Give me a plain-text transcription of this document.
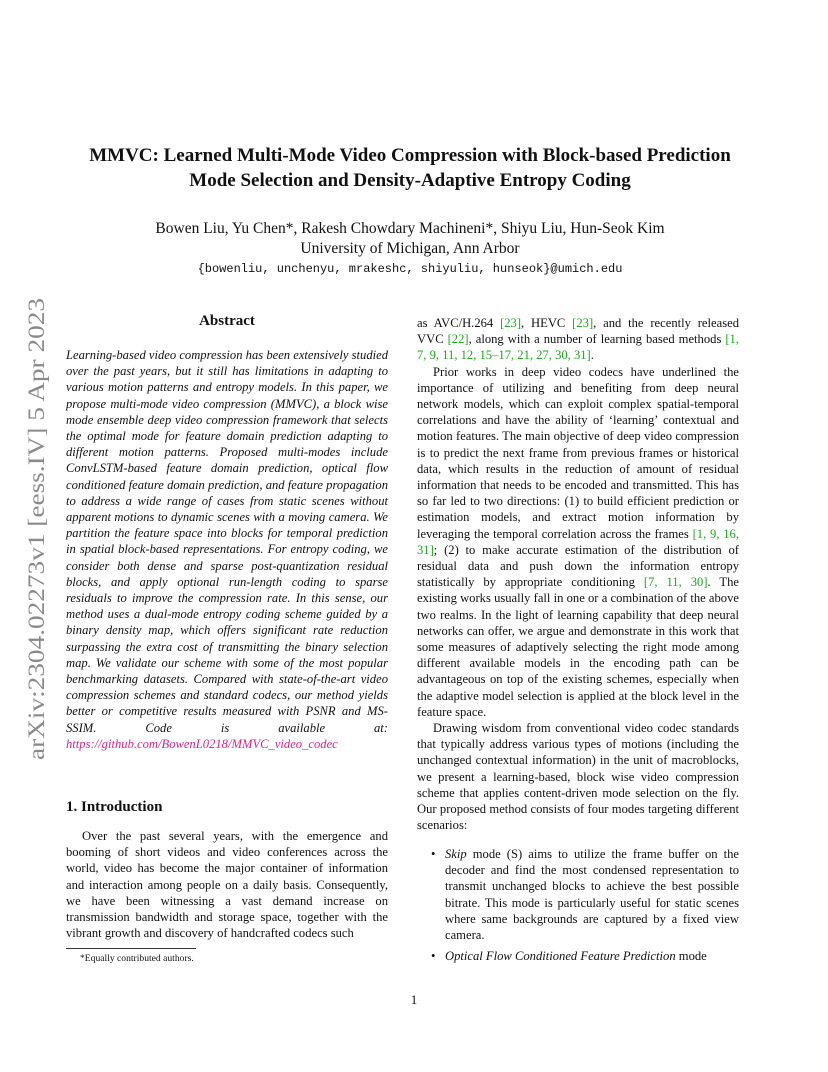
arXiv:2304.02273v1 [eess.IV] 5 Apr 2023
MMVC: Learned Multi-Mode Video Compression with Block-based Prediction
Mode Selection and Density-Adaptive Entropy Coding
Bowen Liu, Yu Chen*, Rakesh Chowdary Machineni*, Shiyu Liu, Hun-Seok Kim
University of Michigan, Ann Arbor
{bowenliu, unchenyu, mrakeshc, shiyuliu, hunseok}@umich.edu
Abstract
Learning-based video compression has been extensively studied over the past years, but it still has limitations in adapting to various motion patterns and entropy models. In this paper, we propose multi-mode video compression (MMVC), a block wise mode ensemble deep video compression framework that selects the optimal mode for feature domain prediction adapting to different motion patterns. Proposed multi-modes include ConvLSTM-based feature domain prediction, optical flow conditioned feature domain prediction, and feature propagation to address a wide range of cases from static scenes without apparent motions to dynamic scenes with a moving camera. We partition the feature space into blocks for temporal prediction in spatial block-based representations. For entropy coding, we consider both dense and sparse post-quantization residual blocks, and apply optional run-length coding to sparse residuals to improve the compression rate. In this sense, our method uses a dual-mode entropy coding scheme guided by a binary density map, which offers significant rate reduction surpassing the extra cost of transmitting the binary selection map. We validate our scheme with some of the most popular benchmarking datasets. Compared with state-of-the-art video compression schemes and standard codecs, our method yields better or competitive results measured with PSNR and MS-SSIM. Code is available at: https://github.com/BowenL0218/MMVC_video_codec
1. Introduction

Over the past several years, with the emergence and booming of short videos and video conferences across the world, video has become the major container of information and interaction among people on a daily basis. Consequently, we have been witnessing a vast demand increase on transmission bandwidth and storage space, together with the vibrant growth and discovery of handcrafted codecs such

*Equally contributed authors.

as AVC/H.264 [23], HEVC [23], and the recently released VVC [22], along with a number of learning based methods [1, 7, 9, 11, 12, 15–17, 21, 27, 30, 31].

Prior works in deep video codecs have underlined the importance of utilizing and benefiting from deep neural network models, which can exploit complex spatial-temporal correlations and have the ability of ‘learning’ contextual and motion features. The main objective of deep video compression is to predict the next frame from previous frames or historical data, which results in the reduction of amount of residual information that needs to be encoded and transmitted. This has so far led to two directions: (1) to build efficient prediction or estimation models, and extract motion information by leveraging the temporal correlation across the frames [1, 9, 16, 31]; (2) to make accurate estimation of the distribution of residual data and push down the information entropy statistically by appropriate conditioning [7, 11, 30]. The existing works usually fall in one or a combination of the above two realms. In the light of learning capability that deep neural networks can offer, we argue and demonstrate in this work that some measures of adaptively selecting the right mode among different available models in the encoding path can be advantageous on top of the existing schemes, especially when the adaptive model selection is applied at the block level in the feature space.

Drawing wisdom from conventional video codec standards that typically address various types of motions (including the unchanged contextual information) in the unit of macroblocks, we present a learning-based, block wise video compression scheme that applies content-driven mode selection on the fly. Our proposed method consists of four modes targeting different scenarios:

• Skip mode (S) aims to utilize the frame buffer on the decoder and find the most condensed representation to transmit unchanged blocks to achieve the best possible bitrate. This mode is particularly useful for static scenes where same backgrounds are captured by a fixed view camera.
• Optical Flow Conditioned Feature Prediction mode
1
